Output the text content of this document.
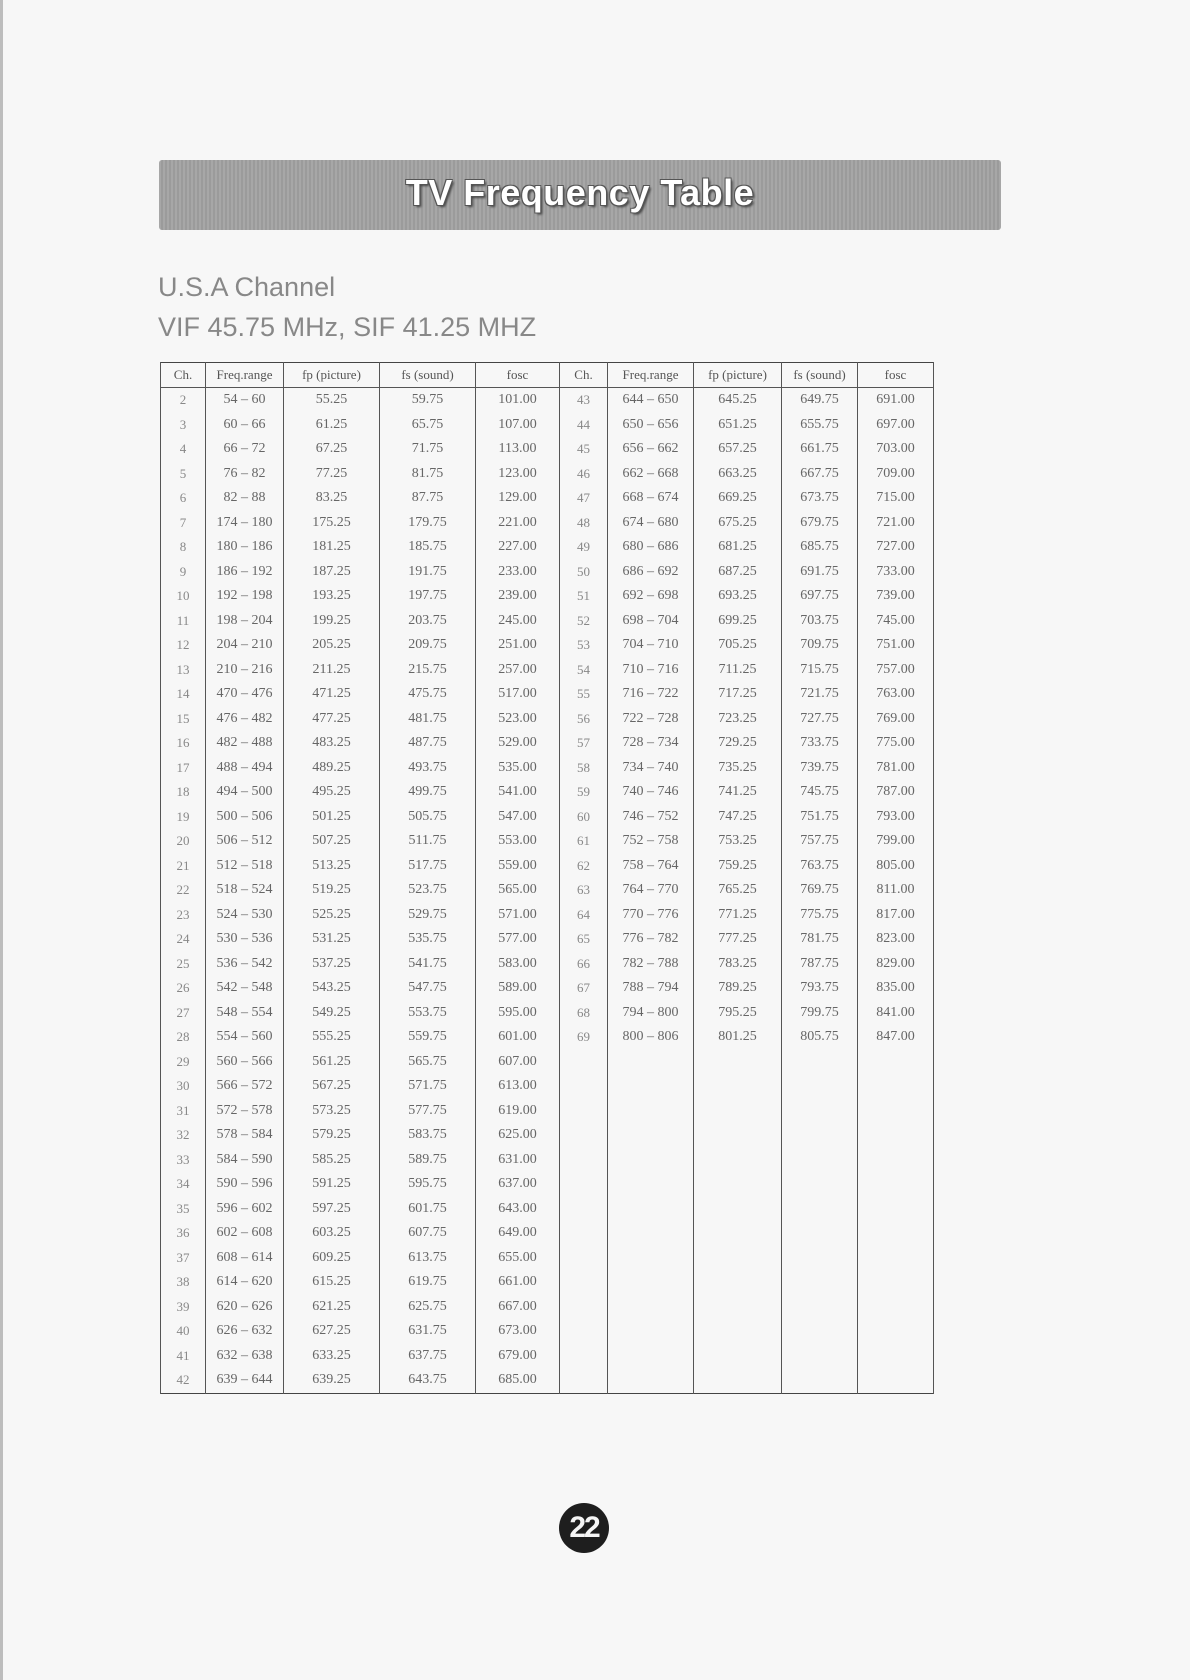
TV Frequency Table
U.S.A Channel
VIF 45.75 MHz, SIF 41.25 MHZ
Ch.	Freq.range	fp (picture)	fs (sound)	fosc	Ch.	Freq.range	fp (picture)	fs (sound)	fosc
2	54 – 60	55.25	59.75	101.00	43	644 – 650	645.25	649.75	691.00
3	60 – 66	61.25	65.75	107.00	44	650 – 656	651.25	655.75	697.00
4	66 – 72	67.25	71.75	113.00	45	656 – 662	657.25	661.75	703.00
5	76 – 82	77.25	81.75	123.00	46	662 – 668	663.25	667.75	709.00
6	82 – 88	83.25	87.75	129.00	47	668 – 674	669.25	673.75	715.00
7	174 – 180	175.25	179.75	221.00	48	674 – 680	675.25	679.75	721.00
8	180 – 186	181.25	185.75	227.00	49	680 – 686	681.25	685.75	727.00
9	186 – 192	187.25	191.75	233.00	50	686 – 692	687.25	691.75	733.00
10	192 – 198	193.25	197.75	239.00	51	692 – 698	693.25	697.75	739.00
11	198 – 204	199.25	203.75	245.00	52	698 – 704	699.25	703.75	745.00
12	204 – 210	205.25	209.75	251.00	53	704 – 710	705.25	709.75	751.00
13	210 – 216	211.25	215.75	257.00	54	710 – 716	711.25	715.75	757.00
14	470 – 476	471.25	475.75	517.00	55	716 – 722	717.25	721.75	763.00
15	476 – 482	477.25	481.75	523.00	56	722 – 728	723.25	727.75	769.00
16	482 – 488	483.25	487.75	529.00	57	728 – 734	729.25	733.75	775.00
17	488 – 494	489.25	493.75	535.00	58	734 – 740	735.25	739.75	781.00
18	494 – 500	495.25	499.75	541.00	59	740 – 746	741.25	745.75	787.00
19	500 – 506	501.25	505.75	547.00	60	746 – 752	747.25	751.75	793.00
20	506 – 512	507.25	511.75	553.00	61	752 – 758	753.25	757.75	799.00
21	512 – 518	513.25	517.75	559.00	62	758 – 764	759.25	763.75	805.00
22	518 – 524	519.25	523.75	565.00	63	764 – 770	765.25	769.75	811.00
23	524 – 530	525.25	529.75	571.00	64	770 – 776	771.25	775.75	817.00
24	530 – 536	531.25	535.75	577.00	65	776 – 782	777.25	781.75	823.00
25	536 – 542	537.25	541.75	583.00	66	782 – 788	783.25	787.75	829.00
26	542 – 548	543.25	547.75	589.00	67	788 – 794	789.25	793.75	835.00
27	548 – 554	549.25	553.75	595.00	68	794 – 800	795.25	799.75	841.00
28	554 – 560	555.25	559.75	601.00	69	800 – 806	801.25	805.75	847.00
29	560 – 566	561.25	565.75	607.00					
30	566 – 572	567.25	571.75	613.00					
31	572 – 578	573.25	577.75	619.00					
32	578 – 584	579.25	583.75	625.00					
33	584 – 590	585.25	589.75	631.00					
34	590 – 596	591.25	595.75	637.00					
35	596 – 602	597.25	601.75	643.00					
36	602 – 608	603.25	607.75	649.00					
37	608 – 614	609.25	613.75	655.00					
38	614 – 620	615.25	619.75	661.00					
39	620 – 626	621.25	625.75	667.00					
40	626 – 632	627.25	631.75	673.00					
41	632 – 638	633.25	637.75	679.00					
42	639 – 644	639.25	643.75	685.00					
22
